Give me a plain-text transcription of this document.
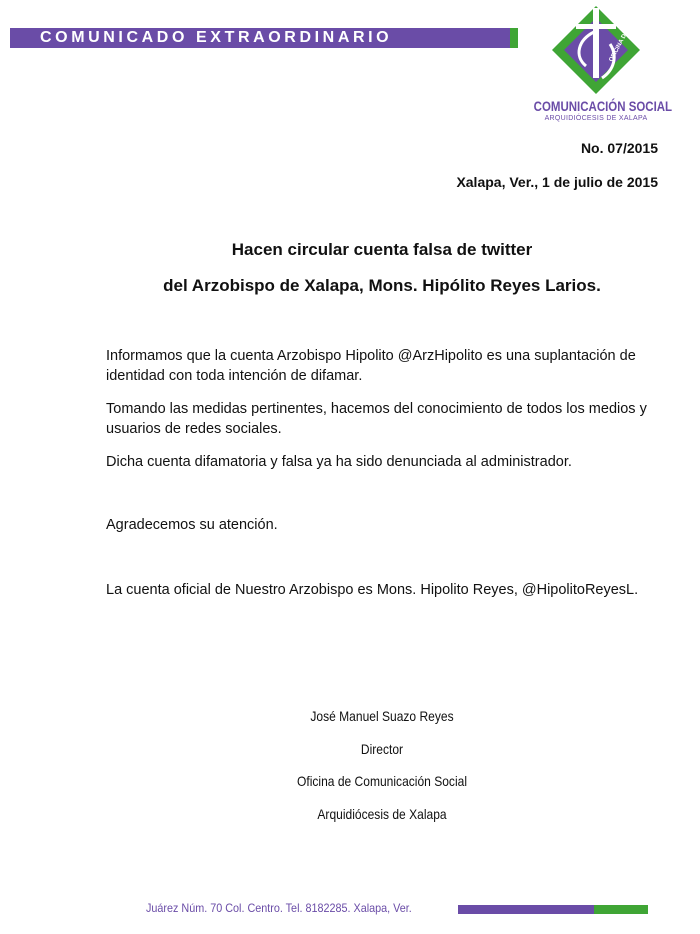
COMUNICADO EXTRAORDINARIO	OFICINA DE
COMUNICACIÓN SOCIAL
ARQUIDIÓCESIS DE XALAPA
No. 07/2015
Xalapa, Ver., 1 de julio de 2015
Hacen circular cuenta falsa de twitter
del Arzobispo de Xalapa, Mons. Hipólito Reyes Larios.

Informamos que la cuenta Arzobispo Hipolito @ArzHipolito es una suplantación de identidad con toda intención de difamar.

Tomando las medidas pertinentes, hacemos del conocimiento de todos los medios y usuarios de redes sociales.

Dicha cuenta difamatoria y falsa ya ha sido denunciada al administrador.

Agradecemos su atención.

La cuenta oficial de Nuestro Arzobispo es Mons. Hipolito Reyes, @HipolitoReyesL.

José Manuel Suazo Reyes
Director
Oficina de Comunicación Social
Arquidiócesis de Xalapa
Juárez Núm. 70 Col. Centro. Tel. 8182285. Xalapa, Ver.
